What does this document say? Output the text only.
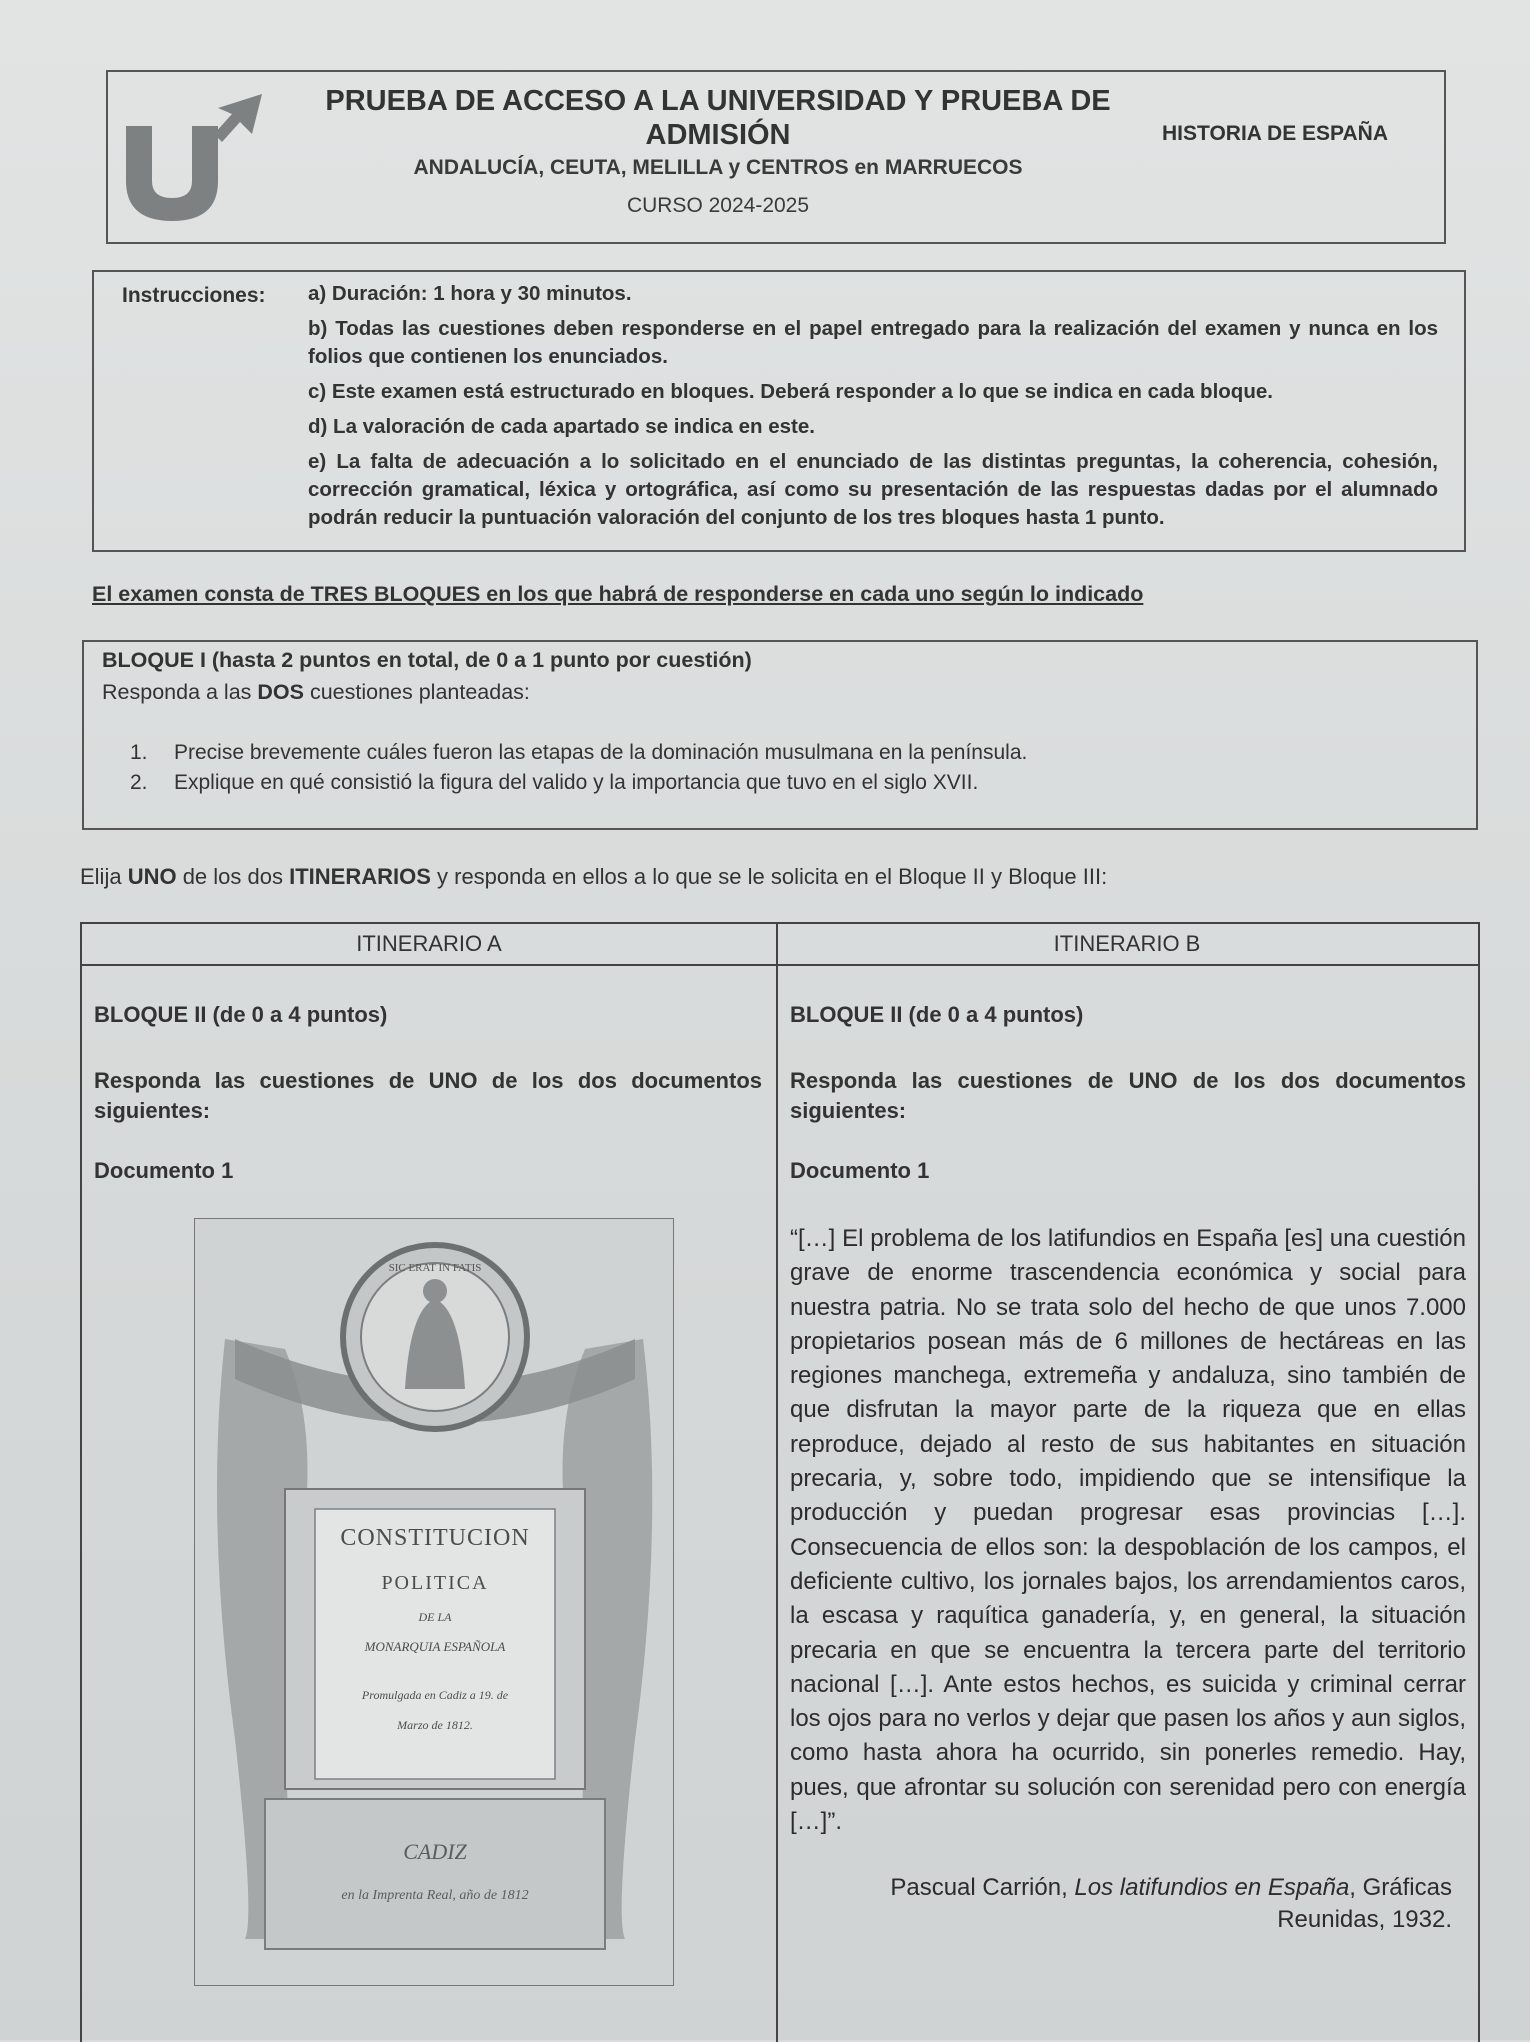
PRUEBA DE ACCESO A LA UNIVERSIDAD Y PRUEBA DE
ADMISIÓN
ANDALUCÍA, CEUTA, MELILLA y CENTROS en MARRUECOS
CURSO 2024-2025
HISTORIA DE ESPAÑA
Instrucciones: a) Duración: 1 hora y 30 minutos.
b) Todas las cuestiones deben responderse en el papel entregado para la realización del examen y nunca en los folios que contienen los enunciados.
c) Este examen está estructurado en bloques. Deberá responder a lo que se indica en cada bloque.
d) La valoración de cada apartado se indica en este.
e) La falta de adecuación a lo solicitado en el enunciado de las distintas preguntas, la coherencia, cohesión, corrección gramatical, léxica y ortográfica, así como su presentación de las respuestas dadas por el alumnado podrán reducir la puntuación valoración del conjunto de los tres bloques hasta 1 punto.
El examen consta de TRES BLOQUES en los que habrá de responderse en cada uno según lo indicado
BLOQUE I (hasta 2 puntos en total, de 0 a 1 punto por cuestión)
Responda a las DOS cuestiones planteadas:
1. Precise brevemente cuáles fueron las etapas de la dominación musulmana en la península.
2. Explique en qué consistió la figura del valido y la importancia que tuvo en el siglo XVII.
Elija UNO de los dos ITINERARIOS y responda en ellos a lo que se le solicita en el Bloque II y Bloque III:
ITINERARIO A	ITINERARIO B
BLOQUE II (de 0 a 4 puntos)
Responda las cuestiones de UNO de los dos documentos siguientes:
Documento 1
SIC ERAT IN FATIS
CONSTITUCION
POLITICA
DE LA
MONARQUIA ESPAÑOLA
Promulgada en Cadiz a 19. de
Marzo de 1812.
CADIZ
en la Imprenta Real, año de 1812
BLOQUE II (de 0 a 4 puntos)
Responda las cuestiones de UNO de los dos documentos siguientes:
Documento 1
“[…] El problema de los latifundios en España [es] una cuestión grave de enorme trascendencia económica y social para nuestra patria. No se trata solo del hecho de que unos 7.000 propietarios posean más de 6 millones de hectáreas en las regiones manchega, extremeña y andaluza, sino también de que disfrutan la mayor parte de la riqueza que en ellas reproduce, dejado al resto de sus habitantes en situación precaria, y, sobre todo, impidiendo que se intensifique la producción y puedan progresar esas provincias […]. Consecuencia de ellos son: la despoblación de los campos, el deficiente cultivo, los jornales bajos, los arrendamientos caros, la escasa y raquítica ganadería, y, en general, la situación precaria en que se encuentra la tercera parte del territorio nacional […]. Ante estos hechos, es suicida y criminal cerrar los ojos para no verlos y dejar que pasen los años y aun siglos, como hasta ahora ha ocurrido, sin ponerles remedio. Hay, pues, que afrontar su solución con serenidad pero con energía […]”.
Pascual Carrión, Los latifundios en España, Gráficas Reunidas, 1932.
